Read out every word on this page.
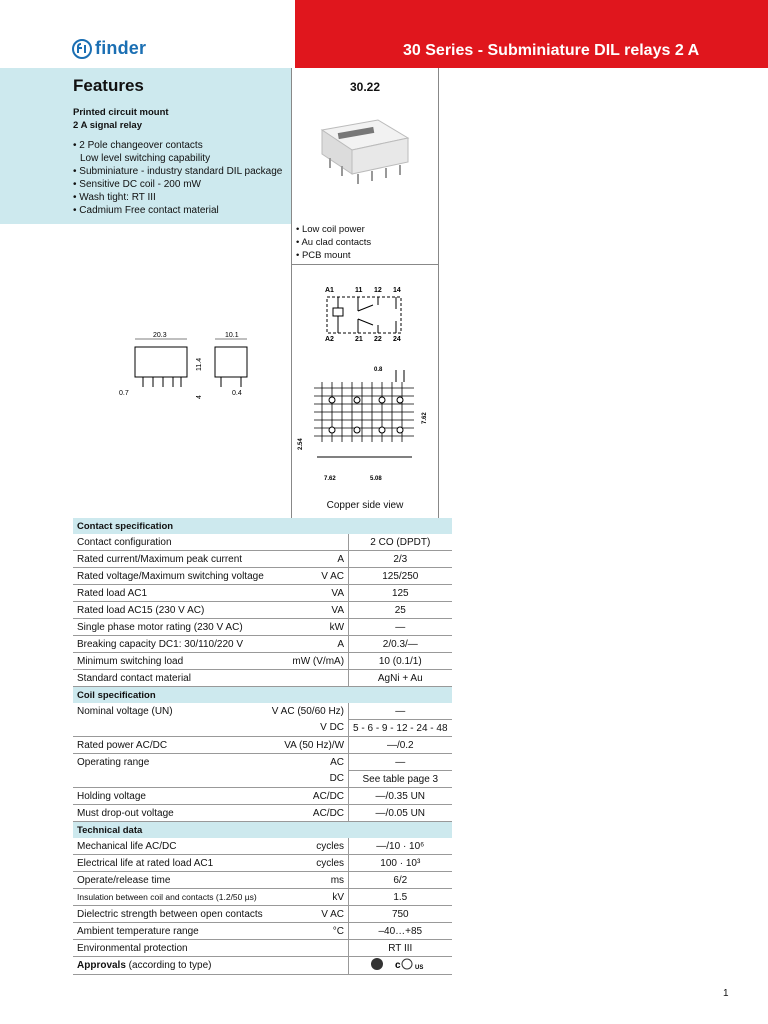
30 Series - Subminiature DIL relays 2 A
finder
Features
Printed circuit mount
2 A signal relay
• 2 Pole changeover contacts
Low level switching capability
• Subminiature - industry standard DIL package
• Sensitive DC coil - 200 mW
• Wash tight: RT III
• Cadmium Free contact material
30.22
• Low coil power
• Au clad contacts
• PCB mount
A1	11 12 14
A2	21 22 24
0.8
7.62
2.54
7.62	5.08
Copper side view
20.3
0.7
11.4
4
10.1
0.4
Contact specification		
Contact configuration		2 CO (DPDT)
Rated current/Maximum peak current	A	2/3
Rated voltage/Maximum switching voltage	V AC	125/250
Rated load AC1	VA	125
Rated load AC15 (230 V AC)	VA	25
Single phase motor rating (230 V AC)	kW	—
Breaking capacity DC1: 30/110/220 V	A	2/0.3/—
Minimum switching load	mW (V/mA)	10 (0.1/1)
Standard contact material		AgNi + Au
Coil specification		
Nominal voltage (UN)	V AC (50/60 Hz)	—
	V DC	5 - 6 - 9 - 12 - 24 - 48
Rated power AC/DC	VA (50 Hz)/W	—/0.2
Operating range	AC	—
	DC	See table page 3
Holding voltage	AC/DC	—/0.35 UN
Must drop-out voltage	AC/DC	—/0.05 UN
Technical data		
Mechanical life AC/DC	cycles	—/10 · 10⁶
Electrical life at rated load AC1	cycles	100 · 10³
Operate/release time	ms	6/2
Insulation between coil and contacts (1.2/50 µs)	kV	1.5
Dielectric strength between open contacts	V AC	750
Ambient temperature range	°C	–40…+85
Environmental protection		RT III
Approvals (according to type)		c US
1
